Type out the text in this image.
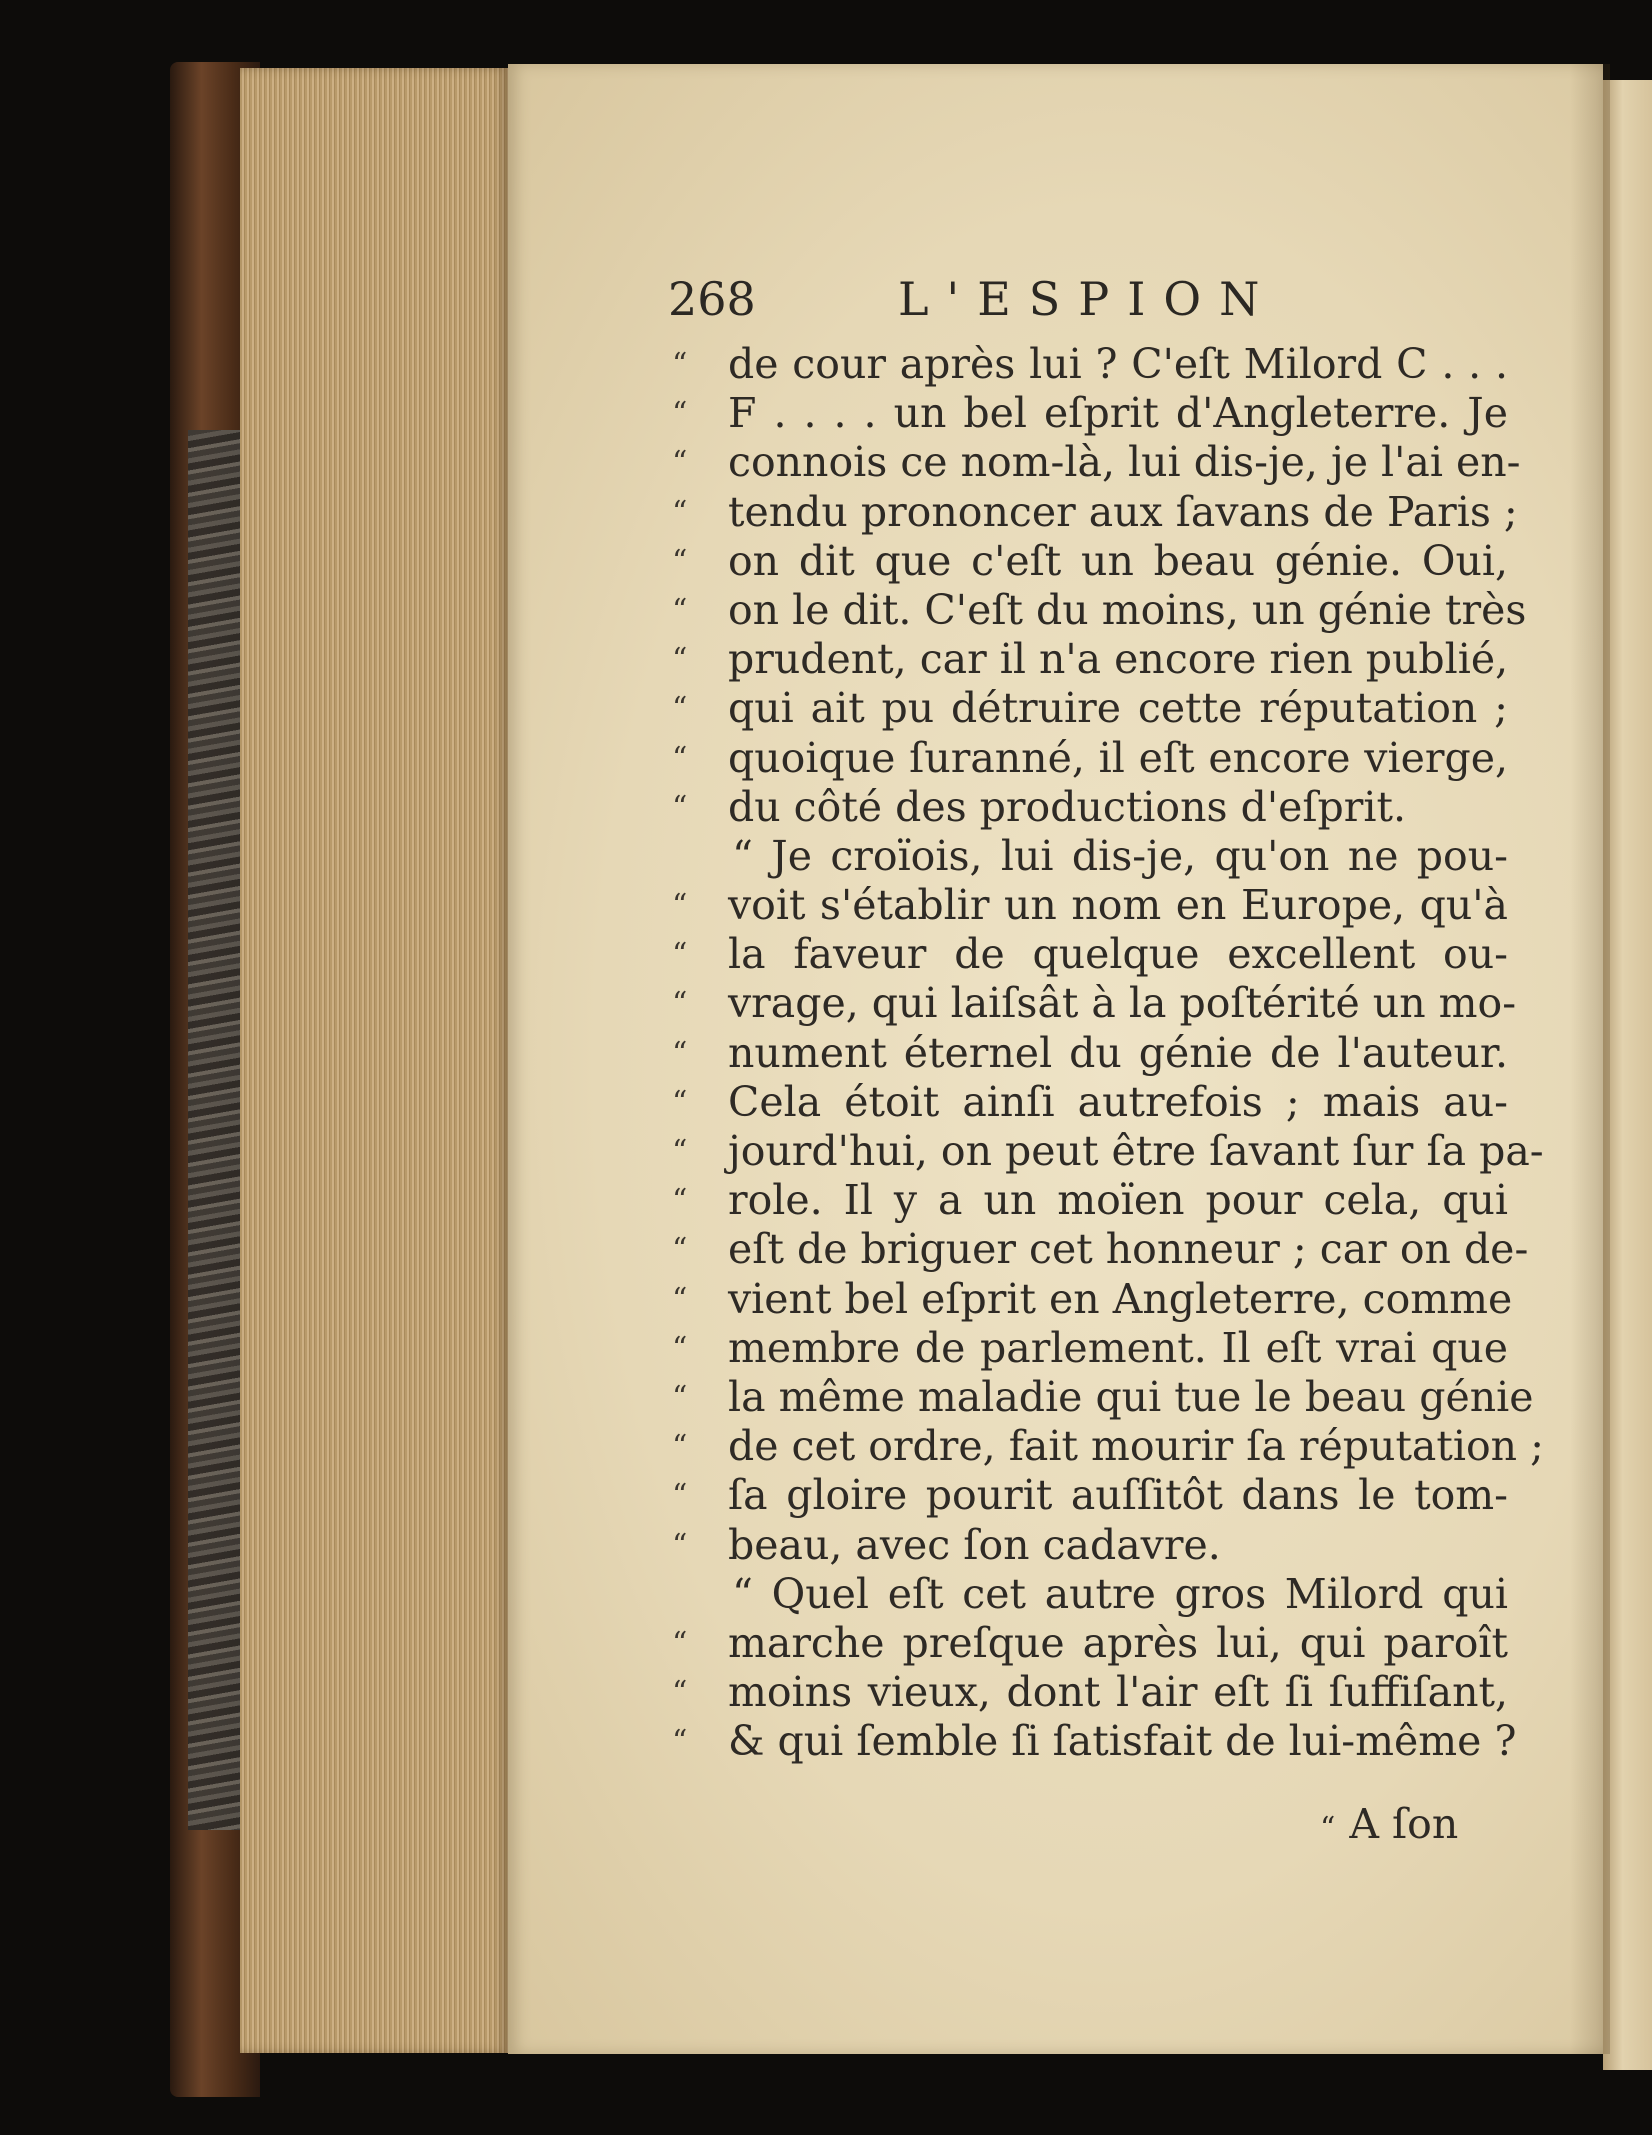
268	L'ESPION
“ de cour après lui ? C'eſt Milord C . . .
“ F . . . . un bel eſprit d'Angleterre. Je
“ connois ce nom-là, lui dis-je, je l'ai en-
“ tendu prononcer aux ſavans de Paris ;
“ on dit que c'eſt un beau génie. Oui,
“ on le dit. C'eſt du moins, un génie très
“ prudent, car il n'a encore rien publié,
“ qui ait pu détruire cette réputation ;
“ quoique ſuranné, il eſt encore vierge,
“ du côté des productions d'eſprit.
“ Je croïois, lui dis-je, qu'on ne pou-
“ voit s'établir un nom en Europe, qu'à
“ la faveur de quelque excellent ou-
“ vrage, qui laiſsât à la poſtérité un mo-
“ nument éternel du génie de l'auteur.
“ Cela étoit ainſi autrefois ; mais au-
“ jourd'hui, on peut être ſavant ſur ſa pa-
“ role. Il y a un moïen pour cela, qui
“ eſt de briguer cet honneur ; car on de-
“ vient bel eſprit en Angleterre, comme
“ membre de parlement. Il eſt vrai que
“ la même maladie qui tue le beau génie
“ de cet ordre, fait mourir ſa réputation ;
“ ſa gloire pourit auſſitôt dans le tom-
“ beau, avec ſon cadavre.
“ Quel eſt cet autre gros Milord qui
“ marche preſque après lui, qui paroît
“ moins vieux, dont l'air eſt ſi ſuffiſant,
“ & qui ſemble ſi ſatisfait de lui-même ?
“ A ſon
